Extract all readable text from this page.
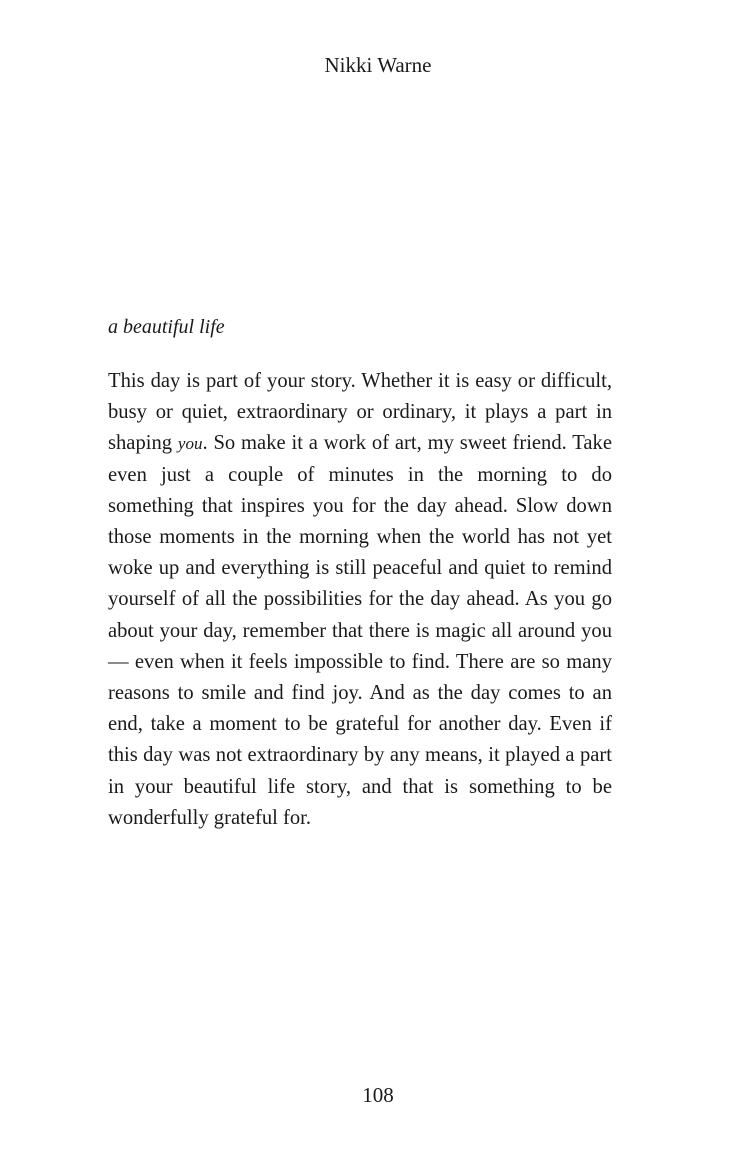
Nikki Warne
a beautiful life

This day is part of your story. Whether it is easy or difficult, busy or quiet, extraordinary or ordinary, it plays a part in shaping you. So make it a work of art, my sweet friend. Take even just a couple of minutes in the morning to do something that inspires you for the day ahead. Slow down those moments in the morning when the world has not yet woke up and everything is still peaceful and quiet to remind yourself of all the possibilities for the day ahead. As you go about your day, remember that there is magic all around you— even when it feels impossible to find. There are so many reasons to smile and find joy. And as the day comes to an end, take a moment to be grateful for another day. Even if this day was not extraordinary by any means, it played a part in your beautiful life story, and that is something to be wonderfully grateful for.

108
